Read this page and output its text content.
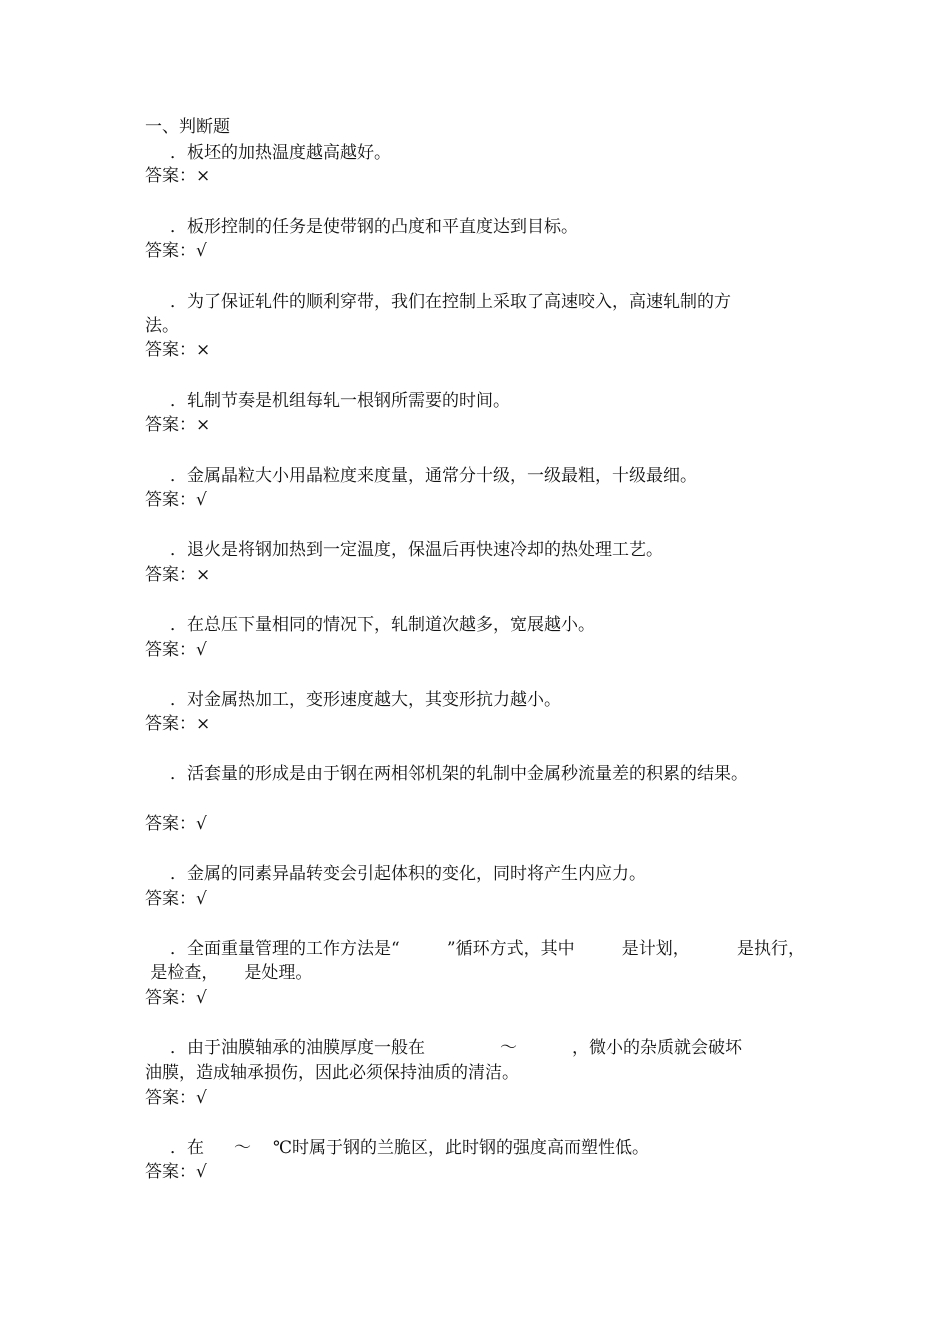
一、判断题

．板坯的加热温度越高越好。

答案：×

．板形控制的任务是使带钢的凸度和平直度达到目标。

答案：√

．为了保证轧件的顺利穿带，我们在控制上采取了高速咬入，高速轧制的方

法。

答案：×

．轧制节奏是机组每轧一根钢所需要的时间。

答案：×

．金属晶粒大小用晶粒度来度量，通常分十级，一级最粗，十级最细。

答案：√

．退火是将钢加热到一定温度，保温后再快速冷却的热处理工艺。

答案：×

．在总压下量相同的情况下，轧制道次越多，宽展越小。

答案：√

．对金属热加工，变形速度越大，其变形抗力越小。

答案：×

．活套量的形成是由于钢在两相邻机架的轧制中金属秒流量差的积累的结果。

答案：√

．金属的同素异晶转变会引起体积的变化，同时将产生内应力。

答案：√

．全面重量管理的工作方法是“	”循环方式，其中	是计划，	是执行，

是检查， 是处理。

答案：√

．由于油膜轴承的油膜厚度一般在	～	，微小的杂质就会破坏

油膜，造成轴承损伤，因此必须保持油质的清洁。

答案：√

．在 ～ ℃时属于钢的兰脆区，此时钢的强度高而塑性低。

答案：√
